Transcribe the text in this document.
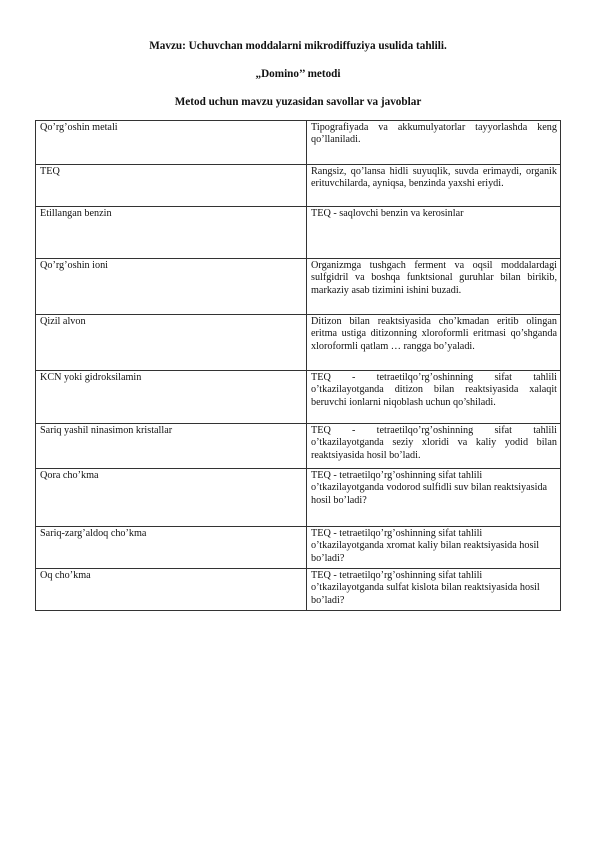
Mavzu: Uchuvchan moddalarni mikrodiffuziya usulida tahlili.
„Domino’’ metodi
Metod uchun mavzu yuzasidan savollar va javoblar
Qo’rg’oshin metali	Tipografiyada va akkumulyatorlar tayyorlashda keng qo’llaniladi.
TEQ	Rangsiz, qo’lansa hidli suyuqlik, suvda erimaydi, organik erituvchilarda, ayniqsa, benzinda yaxshi eriydi.
Etillangan benzin	TEQ - saqlovchi benzin va kerosinlar
Qo’rg’oshin ioni	Organizmga tushgach ferment va oqsil moddalardagi sulfgidril va boshqa funktsional guruhlar bilan birikib, markaziy asab tizimini ishini buzadi.
Qizil alvon	Ditizon bilan reaktsiyasida cho’kmadan eritib olingan eritma ustiga ditizonning xloroformli eritmasi qo’shganda xloroformli qatlam … rangga bo’yaladi.
KCN yoki gidroksilamin	TEQ - tetraetilqo’rg’oshinning sifat tahlili o’tkazilayotganda ditizon bilan reaktsiyasida xalaqit beruvchi ionlarni niqoblash uchun qo’shiladi.
Sariq yashil ninasimon kristallar	TEQ - tetraetilqo’rg’oshinning sifat tahlili o’tkazilayotganda seziy xloridi va kaliy yodid bilan reaktsiyasida hosil bo’ladi.
Qora cho’kma	TEQ - tetraetilqo’rg’oshinning sifat tahlili o’tkazilayotganda vodorod sulfidli suv bilan reaktsiyasida hosil bo’ladi?
Sariq-zarg’aldoq cho’kma	TEQ - tetraetilqo’rg’oshinning sifat tahlili o’tkazilayotganda xromat kaliy bilan reaktsiyasida hosil bo’ladi?
Oq cho’kma	TEQ - tetraetilqo’rg’oshinning sifat tahlili o’tkazilayotganda sulfat kislota bilan reaktsiyasida hosil bo’ladi?
